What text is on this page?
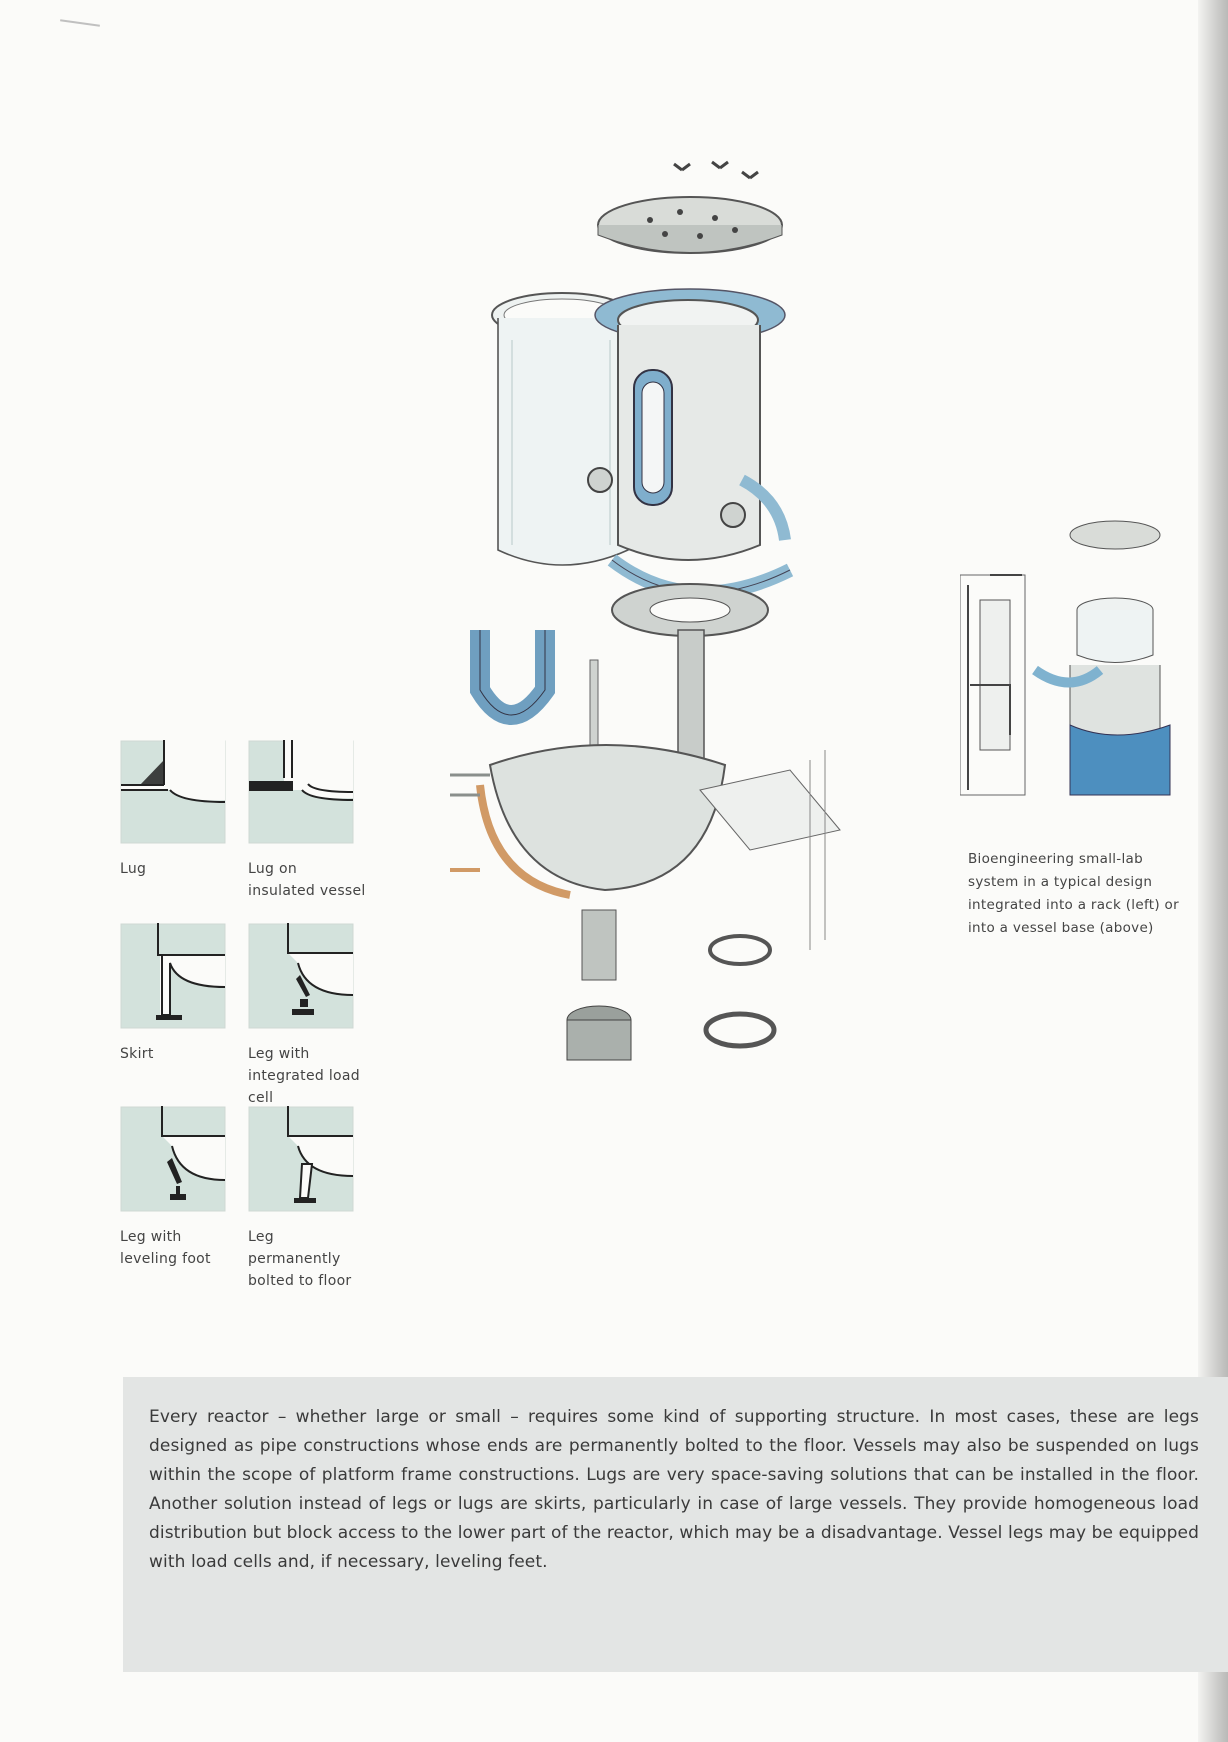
Lug	Lug on insulated vessel
Skirt	Leg with integrated load cell
Leg with leveling foot
Leg permanently bolted to floor
Bioengineering small-lab system in a typical design integrated into a rack (left) or into a vessel base (above)

Every reactor – whether large or small – requires some kind of supporting structure. In most cases, these are legs designed as pipe constructions whose ends are permanently bolted to the floor. Vessels may also be suspended on lugs within the scope of platform frame constructions. Lugs are very space-saving solutions that can be installed in the floor. Another solution instead of legs or lugs are skirts, particularly in case of large vessels. They provide homogeneous load distribution but block access to the lower part of the reactor, which may be a disadvantage. Vessel legs may be equipped with load cells and, if necessary, leveling feet.
